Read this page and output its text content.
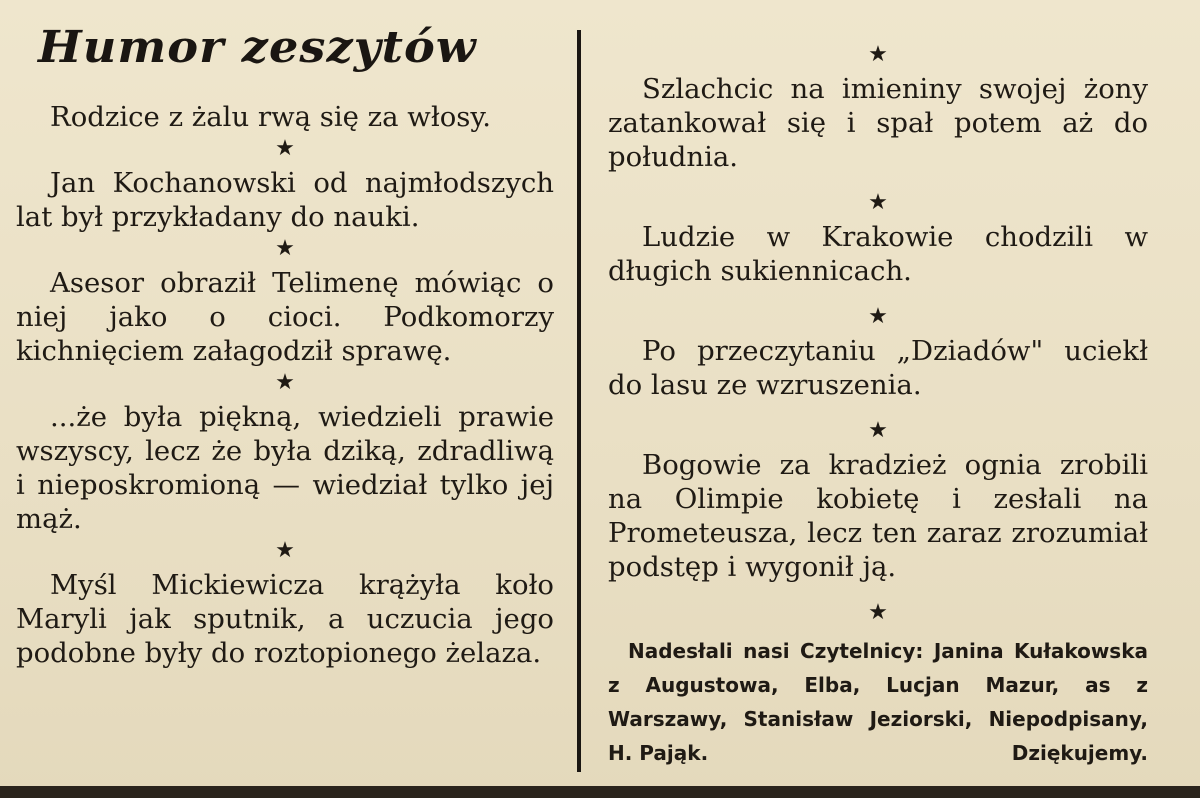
Humor zeszytów

Rodzice z żalu rwą się za włosy.

★

Jan Kochanowski od najmłodszych lat był przykładany do nauki.

★

Asesor obraził Telimenę mówiąc o niej jako o cioci. Podkomorzy kichnięciem załagodził sprawę.

★

...że była piękną, wiedzieli prawie wszyscy, lecz że była dziką, zdradliwą i nieposkromioną — wiedział tylko jej mąż.

★

Myśl Mickiewicza krążyła koło Maryli jak sputnik, a uczucia jego podobne były do roztopionego żelaza.

★

Szlachcic na imieniny swojej żony zatankował się i spał potem aż do południa.

★

Ludzie w Krakowie chodzili w długich sukiennicach.

★

Po przeczytaniu „Dziadów" uciekł do lasu ze wzruszenia.

★

Bogowie za kradzież ognia zrobili na Olimpie kobietę i zesłali na Prometeusza, lecz ten zaraz zrozumiał podstęp i wygonił ją.

★

Nadesłali nasi Czytelnicy: Janina Kułakowska z Augustowa, Elba, Lucjan Mazur, as z Warszawy, Stanisław Jeziorski, Niepodpisany, H. Pająk.	Dziękujemy.
